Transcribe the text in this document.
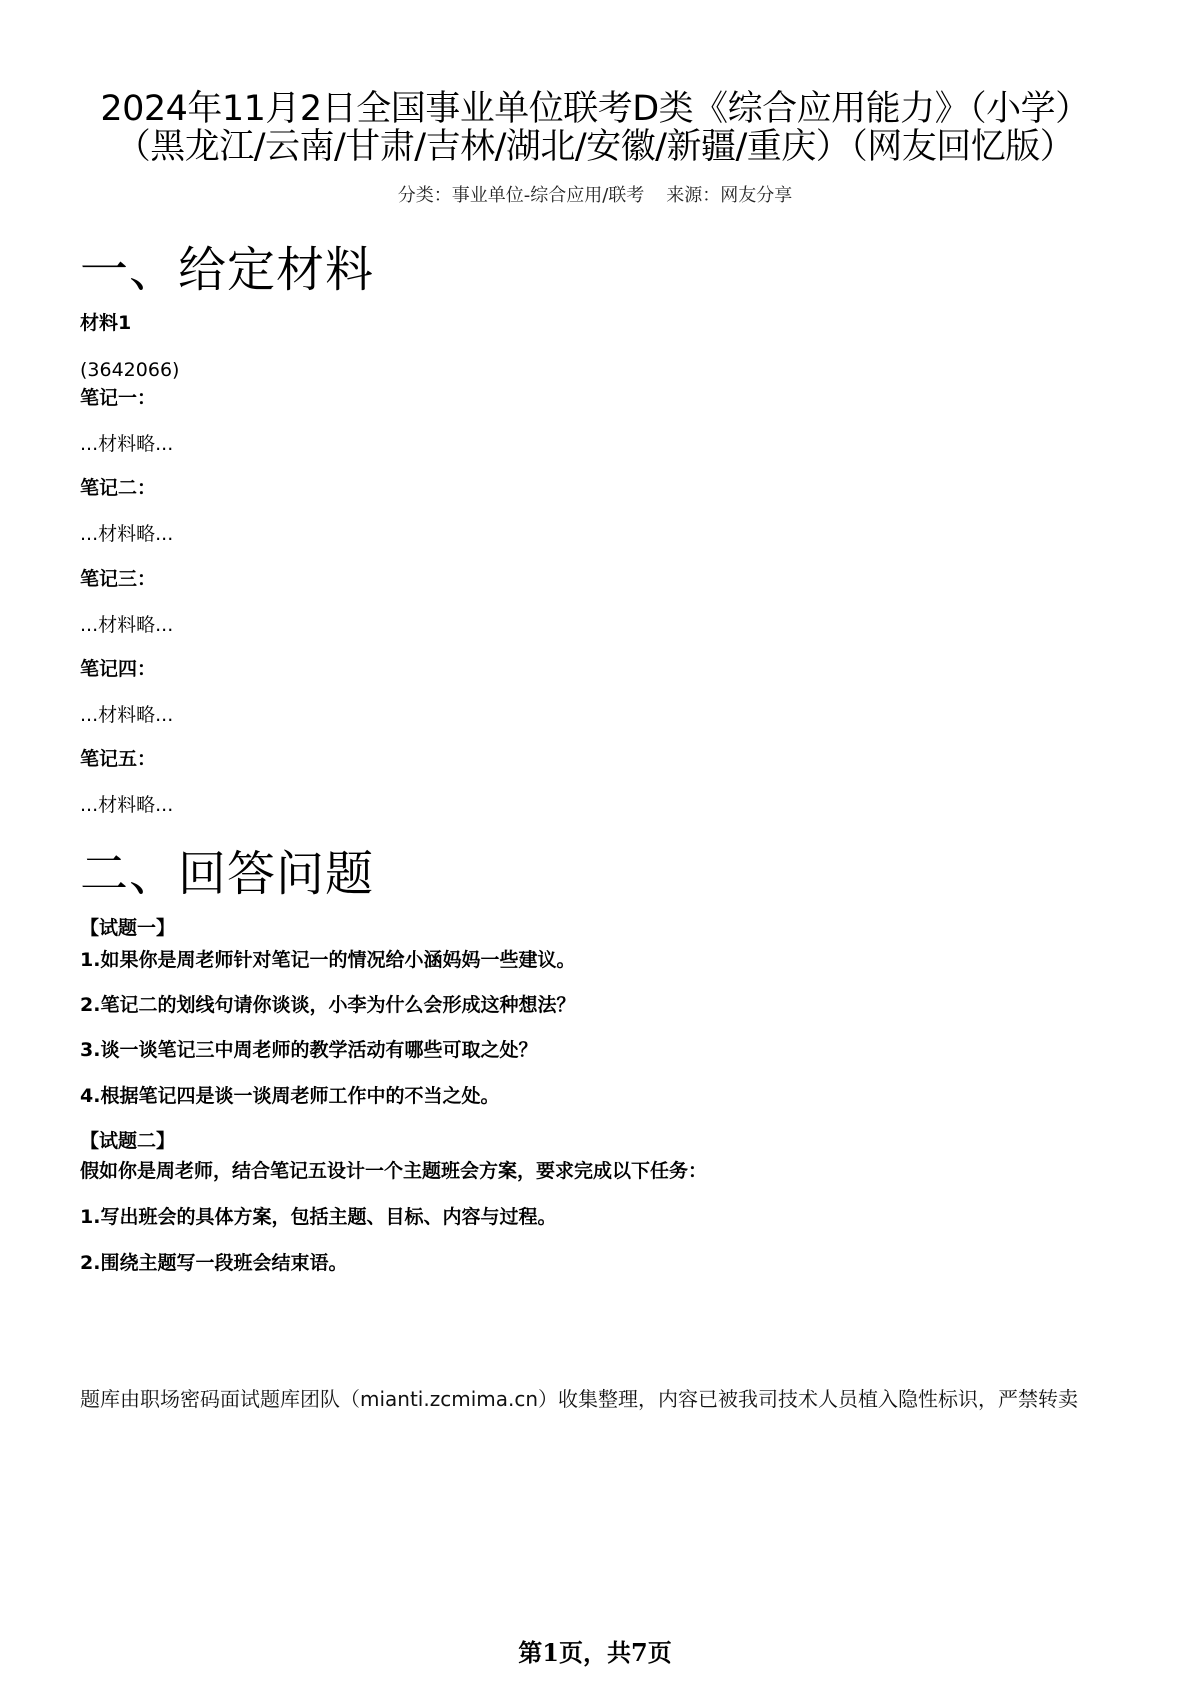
2024年11月2日全国事业单位联考D类《综合应用能力》（小学）
（黑龙江/云南/甘肃/吉林/湖北/安徽/新疆/重庆）（网友回忆版）
分类：事业单位-综合应用/联考 来源：网友分享
一、给定材料
材料1
(3642066)
笔记一：
...材料略...
笔记二：
...材料略...
笔记三：
...材料略...
笔记四：
...材料略...
笔记五：
...材料略...
二、回答问题
【试题一】
1.如果你是周老师针对笔记一的情况给小涵妈妈一些建议。
2.笔记二的划线句请你谈谈，小李为什么会形成这种想法？
3.谈一谈笔记三中周老师的教学活动有哪些可取之处？
4.根据笔记四是谈一谈周老师工作中的不当之处。
【试题二】
假如你是周老师，结合笔记五设计一个主题班会方案，要求完成以下任务：
1.写出班会的具体方案，包括主题、目标、内容与过程。
2.围绕主题写一段班会结束语。
题库由职场密码面试题库团队（mianti.zcmima.cn）收集整理，内容已被我司技术人员植入隐性标识，严禁转卖
第1页，共7页
